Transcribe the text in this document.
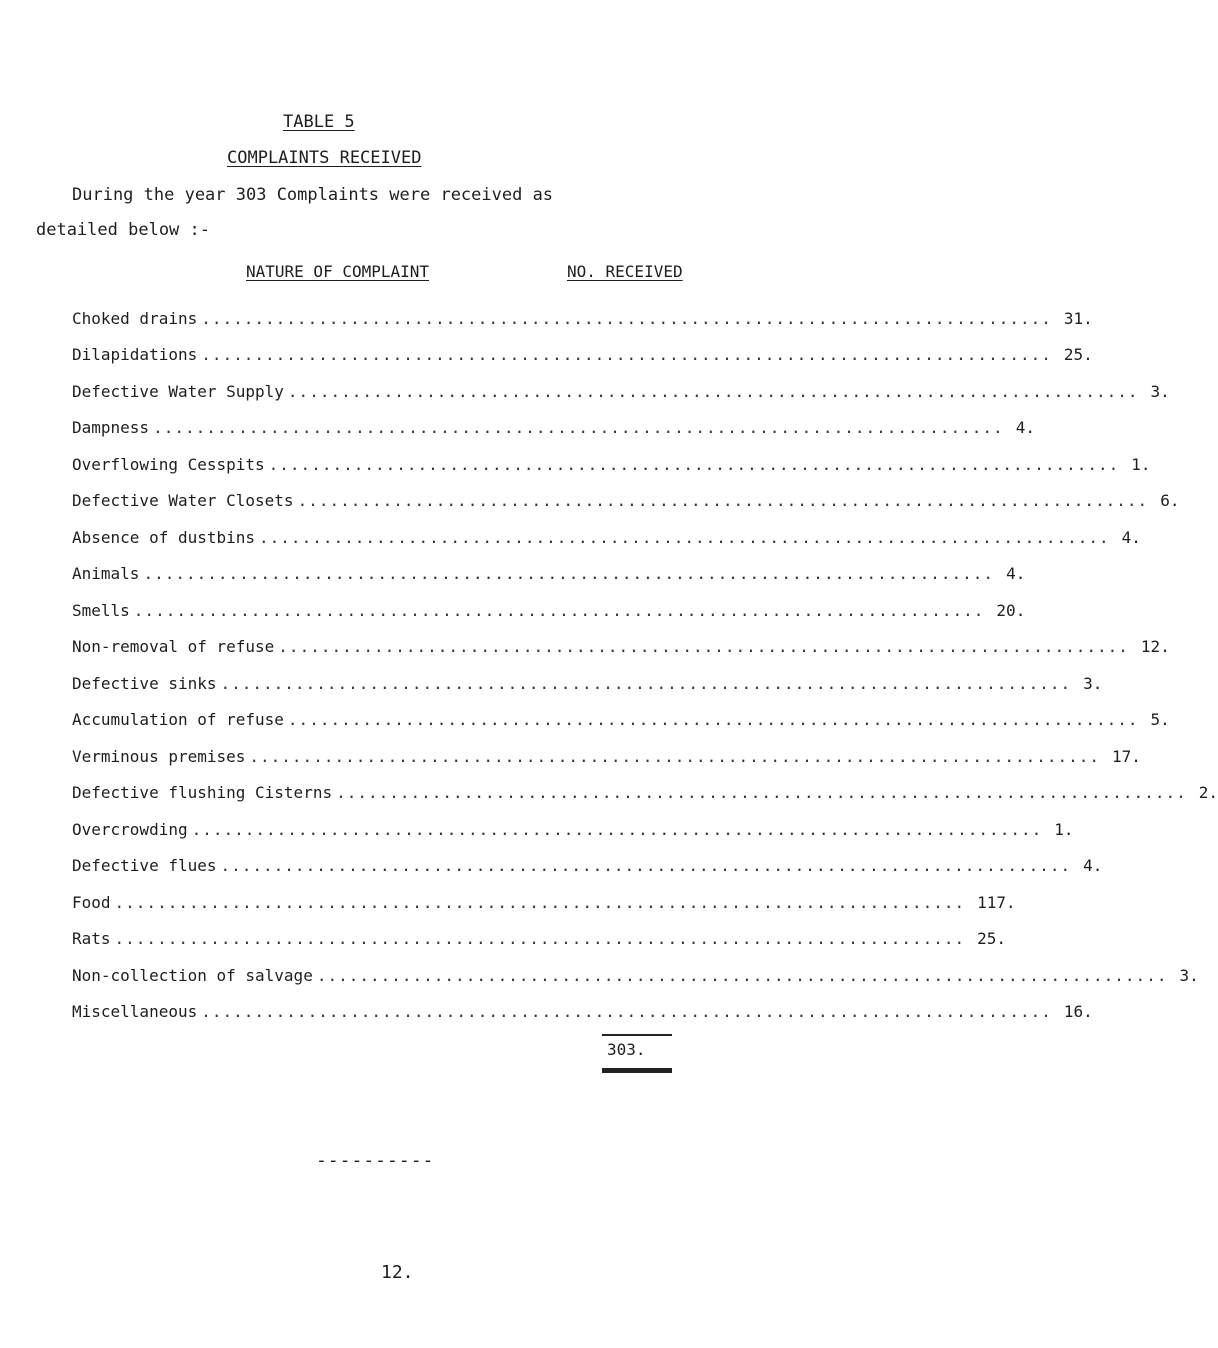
TABLE 5
COMPLAINTS RECEIVED
During the year 303 Complaints were received as
detailed below :-
NATURE OF COMPLAINT	NO. RECEIVED
Choked drains ................................................................................ 31.
Dilapidations ................................................................................ 25.
Defective Water Supply ................................................................................ 3.
Dampness ................................................................................ 4.
Overflowing Cesspits ................................................................................ 1.
Defective Water Closets ................................................................................ 6.
Absence of dustbins ................................................................................ 4.
Animals ................................................................................ 4.
Smells ................................................................................ 20.
Non-removal of refuse ................................................................................ 12.
Defective sinks ................................................................................ 3.
Accumulation of refuse ................................................................................ 5.
Verminous premises ................................................................................ 17.
Defective flushing Cisterns ................................................................................ 2.
Overcrowding ................................................................................ 1.
Defective flues ................................................................................ 4.
Food ................................................................................ 117.
Rats ................................................................................ 25.
Non-collection of salvage ................................................................................ 3.
Miscellaneous ................................................................................ 16.
303.
----------
12.
